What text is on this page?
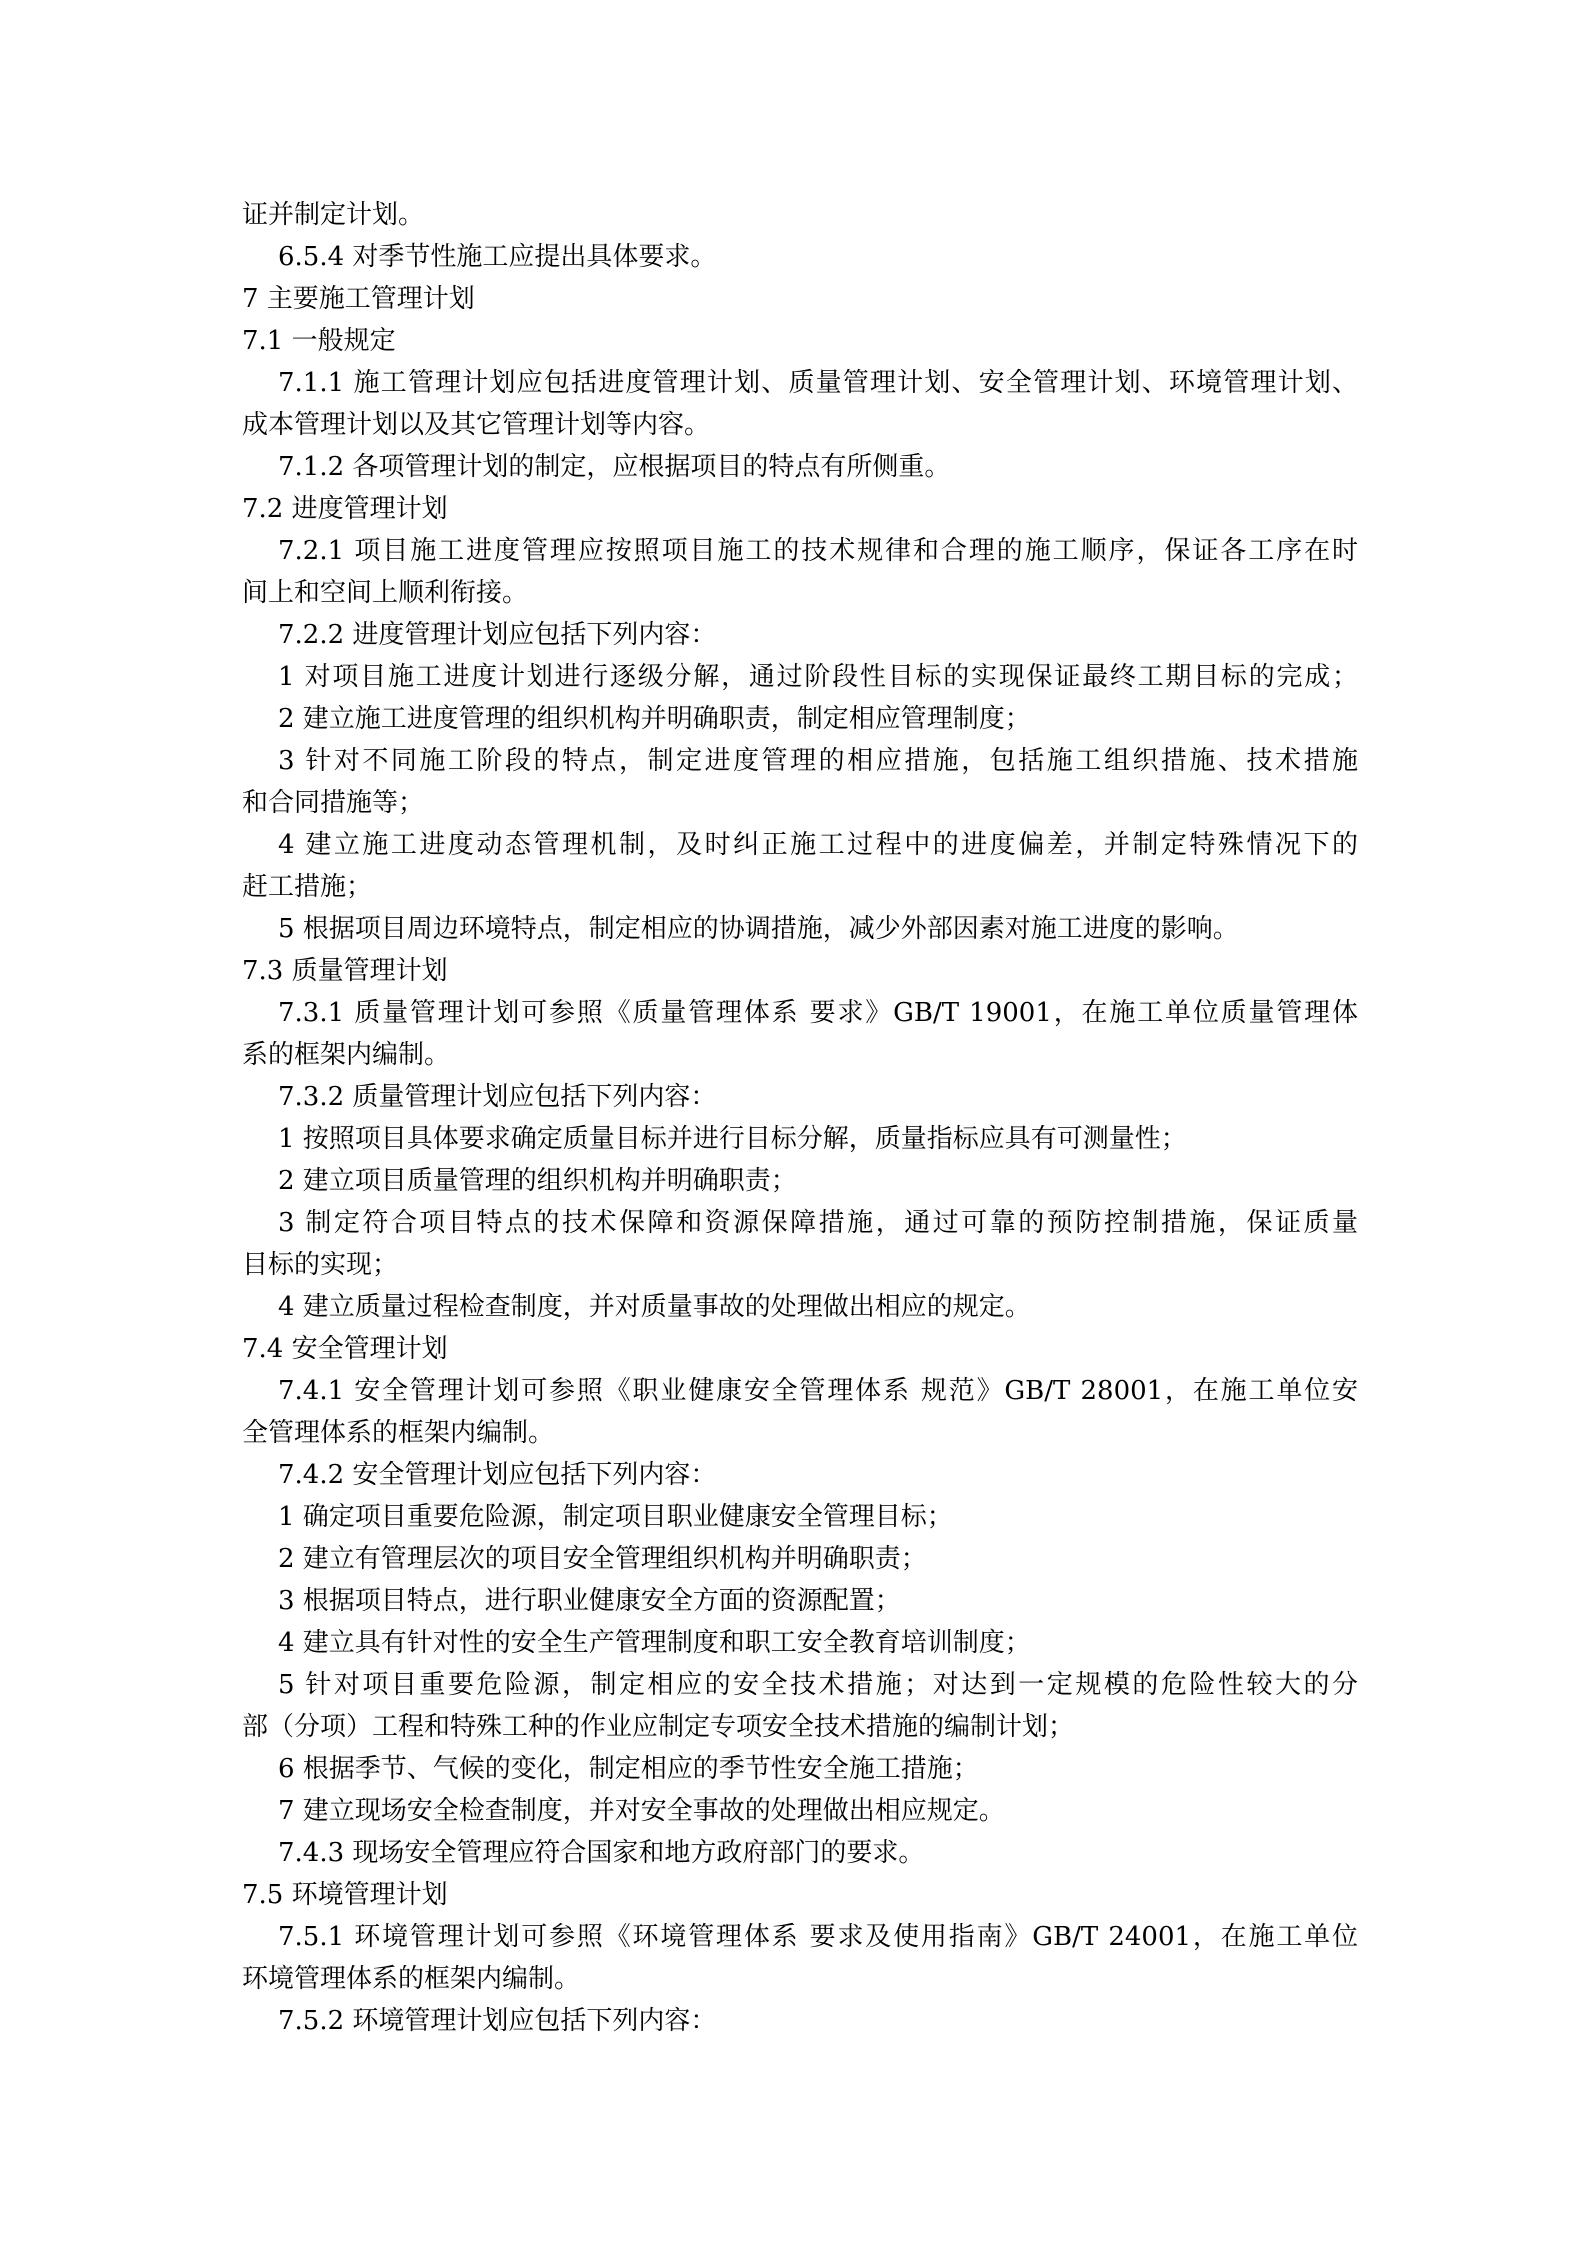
证并制定计划。
6.5.4 对季节性施工应提出具体要求。
7 主要施工管理计划
7.1 一般规定
7.1.1 施工管理计划应包括进度管理计划、质量管理计划、安全管理计划、环境管理计划、
成本管理计划以及其它管理计划等内容。
7.1.2 各项管理计划的制定，应根据项目的特点有所侧重。
7.2 进度管理计划
7.2.1 项目施工进度管理应按照项目施工的技术规律和合理的施工顺序，保证各工序在时
间上和空间上顺利衔接。
7.2.2 进度管理计划应包括下列内容：
1 对项目施工进度计划进行逐级分解，通过阶段性目标的实现保证最终工期目标的完成；
2 建立施工进度管理的组织机构并明确职责，制定相应管理制度；
3 针对不同施工阶段的特点，制定进度管理的相应措施，包括施工组织措施、技术措施
和合同措施等；
4 建立施工进度动态管理机制，及时纠正施工过程中的进度偏差，并制定特殊情况下的
赶工措施；
5 根据项目周边环境特点，制定相应的协调措施，减少外部因素对施工进度的影响。
7.3 质量管理计划
7.3.1 质量管理计划可参照《质量管理体系 要求》GB/T 19001，在施工单位质量管理体
系的框架内编制。
7.3.2 质量管理计划应包括下列内容：
1 按照项目具体要求确定质量目标并进行目标分解，质量指标应具有可测量性；
2 建立项目质量管理的组织机构并明确职责；
3 制定符合项目特点的技术保障和资源保障措施，通过可靠的预防控制措施，保证质量
目标的实现；
4 建立质量过程检查制度，并对质量事故的处理做出相应的规定。
7.4 安全管理计划
7.4.1 安全管理计划可参照《职业健康安全管理体系 规范》GB/T 28001，在施工单位安
全管理体系的框架内编制。
7.4.2 安全管理计划应包括下列内容：
1 确定项目重要危险源，制定项目职业健康安全管理目标；
2 建立有管理层次的项目安全管理组织机构并明确职责；
3 根据项目特点，进行职业健康安全方面的资源配置；
4 建立具有针对性的安全生产管理制度和职工安全教育培训制度；
5 针对项目重要危险源，制定相应的安全技术措施；对达到一定规模的危险性较大的分
部（分项）工程和特殊工种的作业应制定专项安全技术措施的编制计划；
6 根据季节、气候的变化，制定相应的季节性安全施工措施；
7 建立现场安全检查制度，并对安全事故的处理做出相应规定。
7.4.3 现场安全管理应符合国家和地方政府部门的要求。
7.5 环境管理计划
7.5.1 环境管理计划可参照《环境管理体系 要求及使用指南》GB/T 24001，在施工单位
环境管理体系的框架内编制。
7.5.2 环境管理计划应包括下列内容：
